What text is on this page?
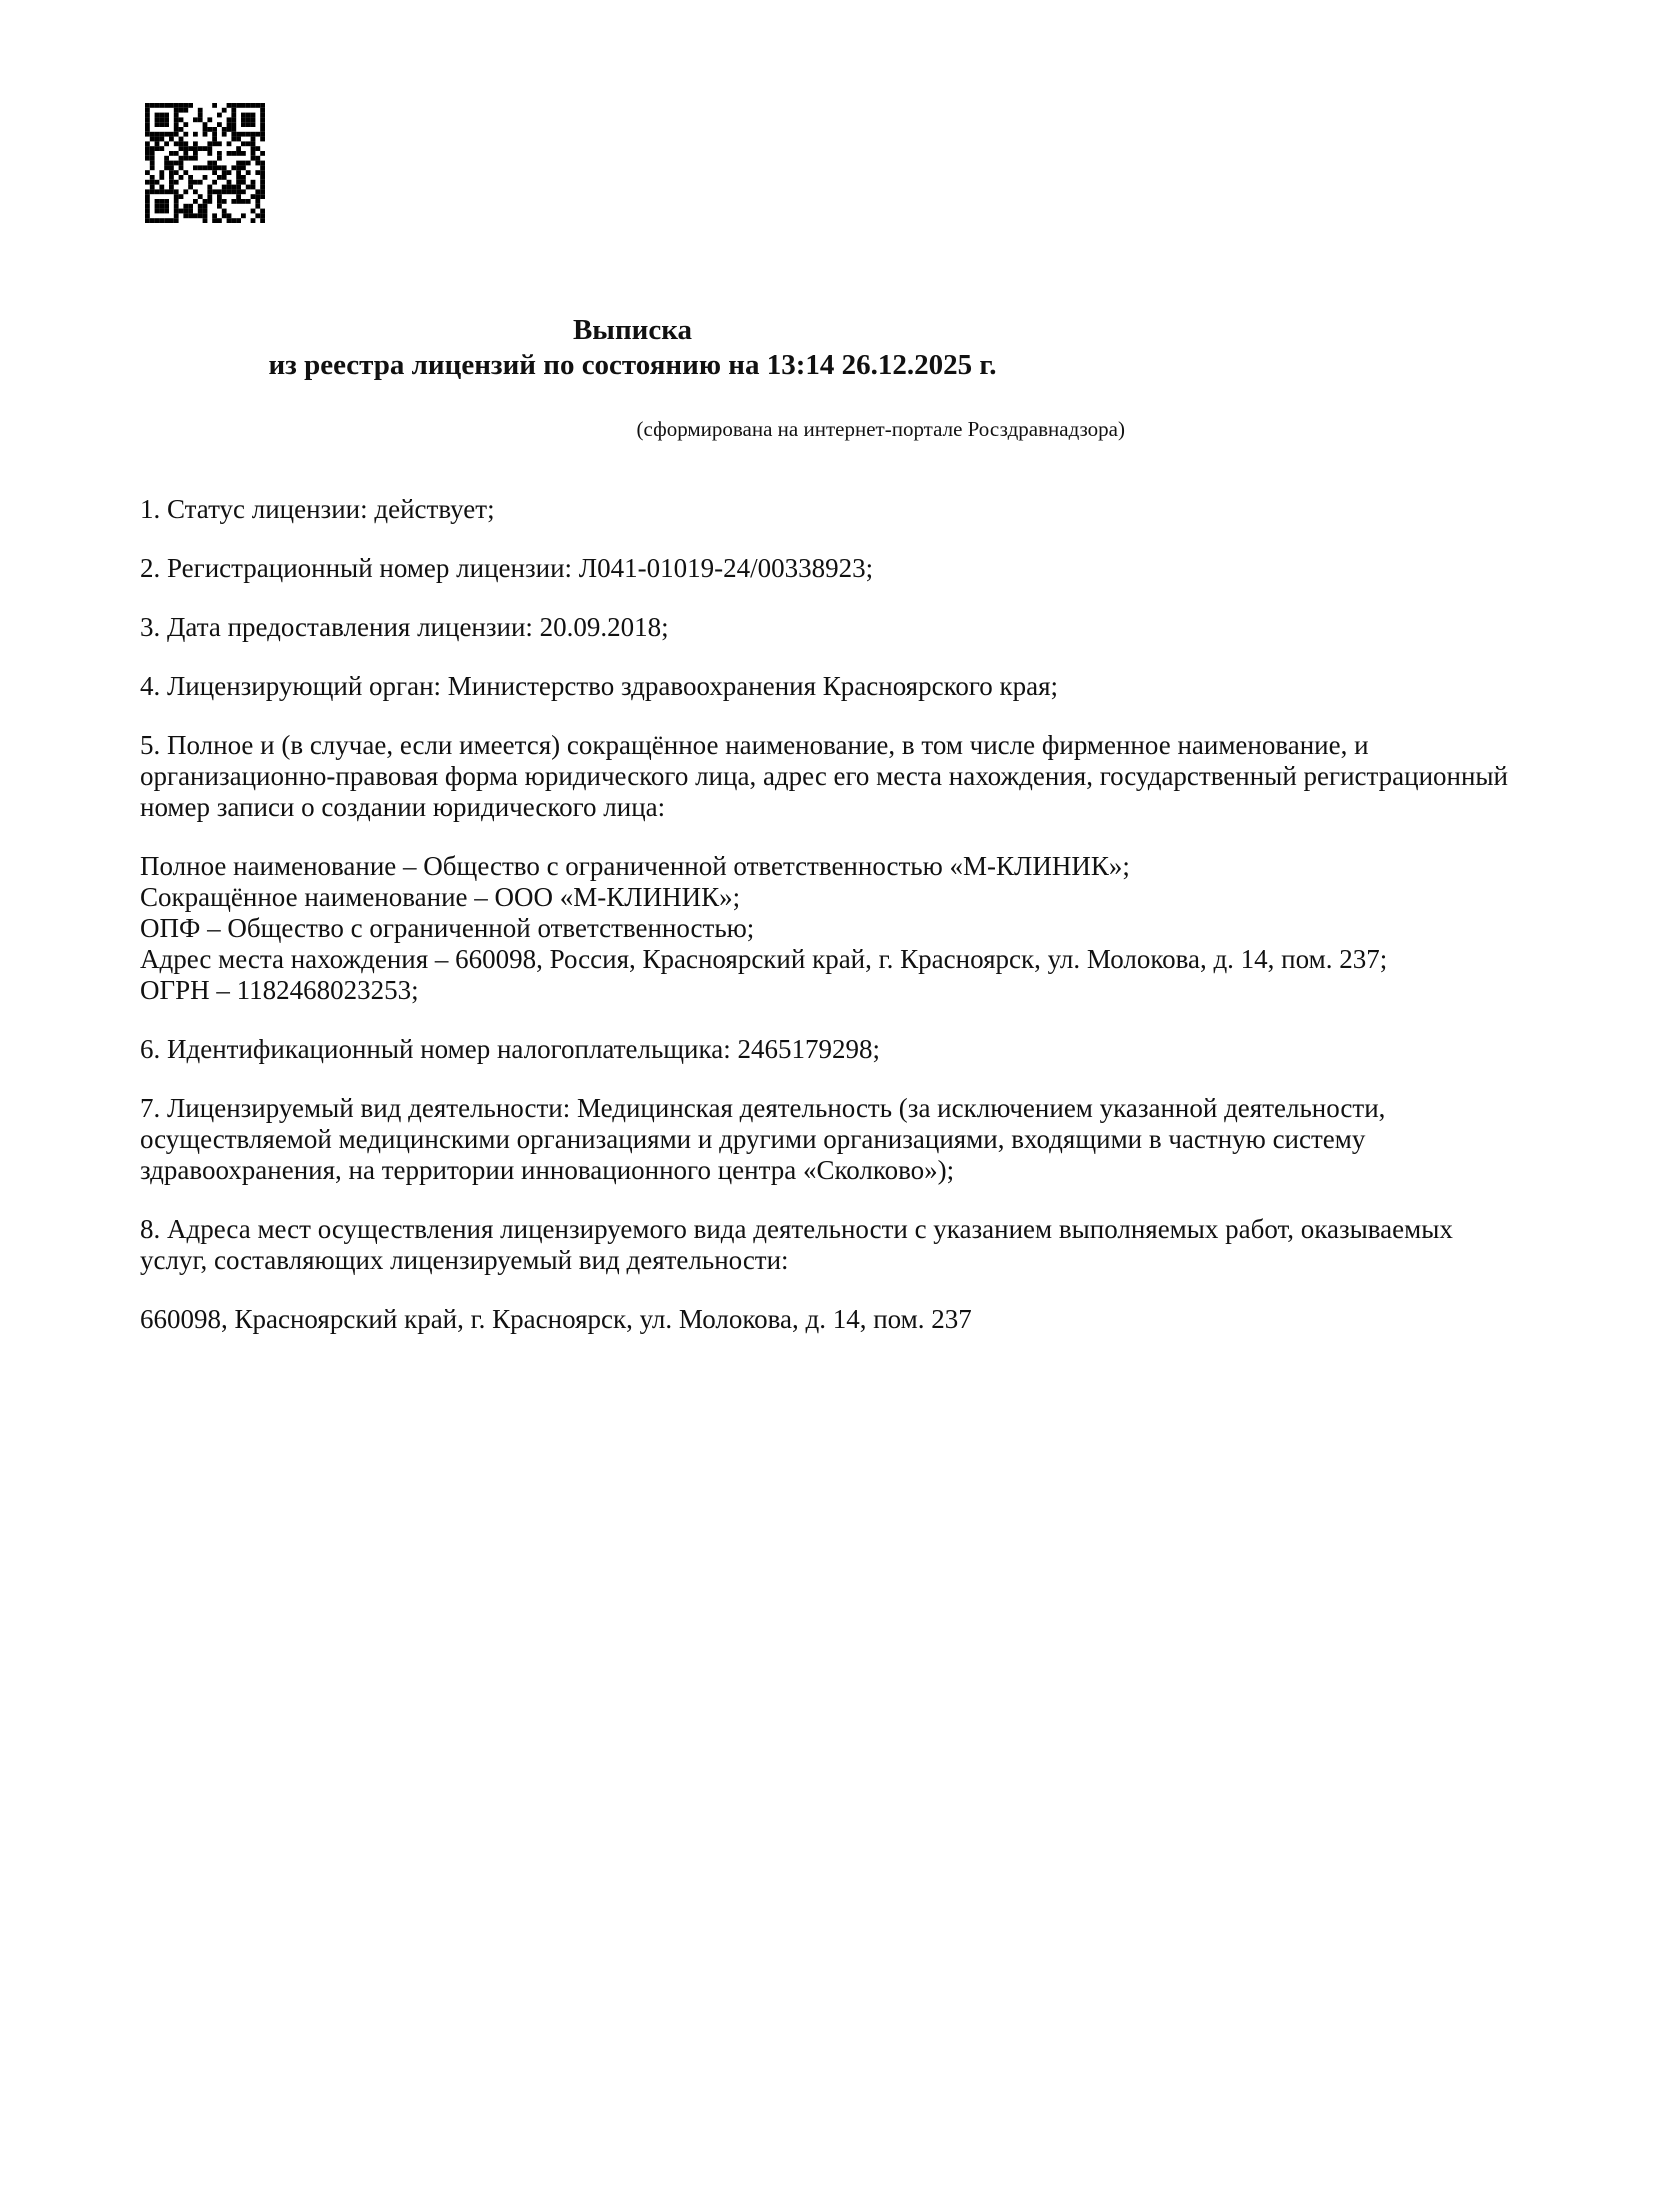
Выписка
из реестра лицензий по состоянию на 13:14 26.12.2025 г.
(сформирована на интернет-портале Росздравнадзора)

1. Статус лицензии: действует;

2. Регистрационный номер лицензии: Л041-01019-24/00338923;

3. Дата предоставления лицензии: 20.09.2018;

4. Лицензирующий орган: Министерство здравоохранения Красноярского края;

5. Полное и (в случае, если имеется) сокращённое наименование, в том числе фирменное наименование, и организационно-правовая форма юридического лица, адрес его места нахождения, государственный регистрационный номер записи о создании юридического лица:

Полное наименование – Общество с ограниченной ответственностью «М-КЛИНИК»;
Сокращённое наименование – ООО «М-КЛИНИК»;
ОПФ – Общество с ограниченной ответственностью;
Адрес места нахождения – 660098, Россия, Красноярский край, г. Красноярск, ул. Молокова, д. 14, пом. 237;
ОГРН – 1182468023253;

6. Идентификационный номер налогоплательщика: 2465179298;

7. Лицензируемый вид деятельности: Медицинская деятельность (за исключением указанной деятельности, осуществляемой медицинскими организациями и другими организациями, входящими в частную систему здравоохранения, на территории инновационного центра «Сколково»);

8. Адреса мест осуществления лицензируемого вида деятельности с указанием выполняемых работ, оказываемых услуг, составляющих лицензируемый вид деятельности:

660098, Красноярский край, г. Красноярск, ул. Молокова, д. 14, пом. 237
